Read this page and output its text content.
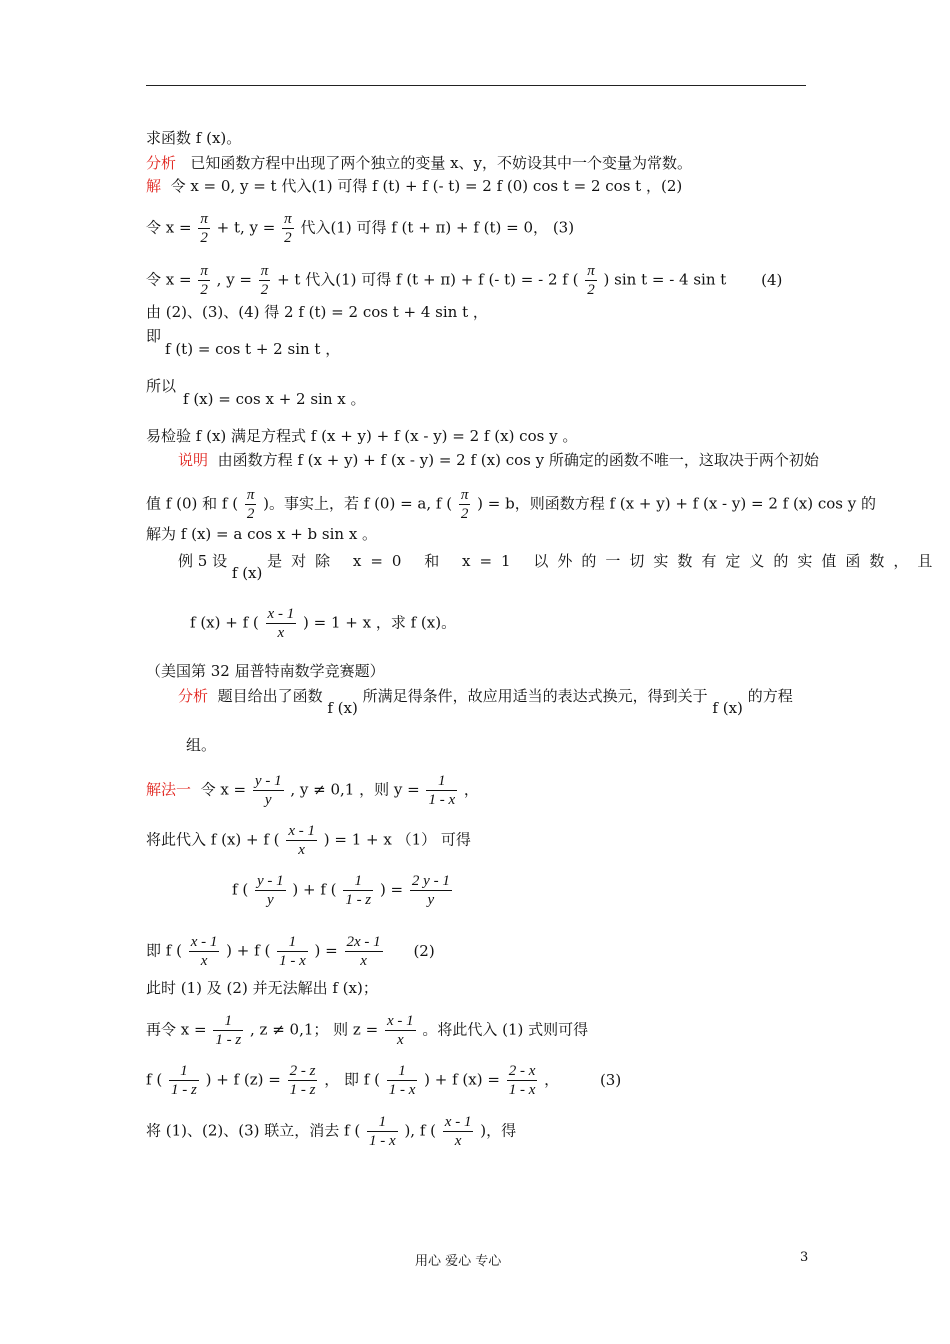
求函数 f (x)。
分析 已知函数方程中出现了两个独立的变量 x、y，不妨设其中一个变量为常数。
解 令 x = 0, y = t 代入(1) 可得 f (t) + f (- t) = 2 f (0) cos t = 2 cos t ，(2)
令 $x = \frac{\pi}{2} + t$, $y = \frac{\pi}{2}$ 代入(1) 可得 f (t + π) + f (t) = 0， (3)
令 $x = \frac{\pi}{2}$ , $y = \frac{\pi}{2} + t$ 代入(1) 可得 f (t + π) + f (- t) = - 2 f ( $\frac{\pi}{2}$ ) sin t = - 4 sin t (4)
由 (2)、(3)、(4) 得 2 f (t) = 2 cos t + 4 sin t ，
即
f (t) = cos t + 2 sin t ，
所以
f (x) = cos x + 2 sin x 。
易检验 f (x) 满足方程式 f (x + y) + f (x - y) = 2 f (x) cos y 。
说明 由函数方程 f (x + y) + f (x - y) = 2 f (x) cos y 所确定的函数不唯一，这取决于两个初始
值 f (0) 和 f ( $\frac{\pi}{2}$ )。事实上，若 f (0) = a, f ( $\frac{\pi}{2}$ ) = b，则函数方程 f (x + y) + f (x - y) = 2 f (x) cos y 的
解为 f (x) = a cos x + b sin x 。
例 5 设 f (x) 是对除 x=0 和 x=1 以外的一切实数有定义的实值函数，且
f (x) + f ( $\frac{x - 1}{x}$ ) = 1 + x ，求 f (x)。
（美国第 32 届普特南数学竞赛题）
分析 题目给出了函数 f (x) 所满足得条件，故应用适当的表达式换元，得到关于 f (x) 的方程
组。
解法一 令 $x = \frac{y - 1}{y}$ , y ≠ 0,1 ，则 $y = \frac{1}{1 - x}$ ，
将此代入 f (x) + f ( $\frac{x - 1}{x}$ ) = 1 + x （1） 可得
f ( $\frac{y - 1}{y}$ ) + f ( $\frac{1}{1 - z}$ ) = $\frac{2 y - 1}{y}$
即 f ( $\frac{x - 1}{x}$ ) + f ( $\frac{1}{1 - x}$ ) = $\frac{2x - 1}{x} (2)$
此时 (1) 及 (2) 并无法解出 f (x)；
再令 $x = \frac{1}{1 - z}$ , z ≠ 0,1； 则 $z = \frac{x - 1}{x}$ 。将此代入 (1) 式则可得
f ( $\frac{1}{1 - z}$ ) + f $(z) = \frac{2 - z}{1 - z}$ ， 即 f ( $\frac{1}{1 - x}$ ) + f $(x) = \frac{2 - x}{1 - x}$ ，	(3)
将 (1)、(2)、(3) 联立，消去 f ( $\frac{1}{1 - x}$ ), f ( $\frac{x - 1}{x}$ )，得
用心 爱心 专心	3
